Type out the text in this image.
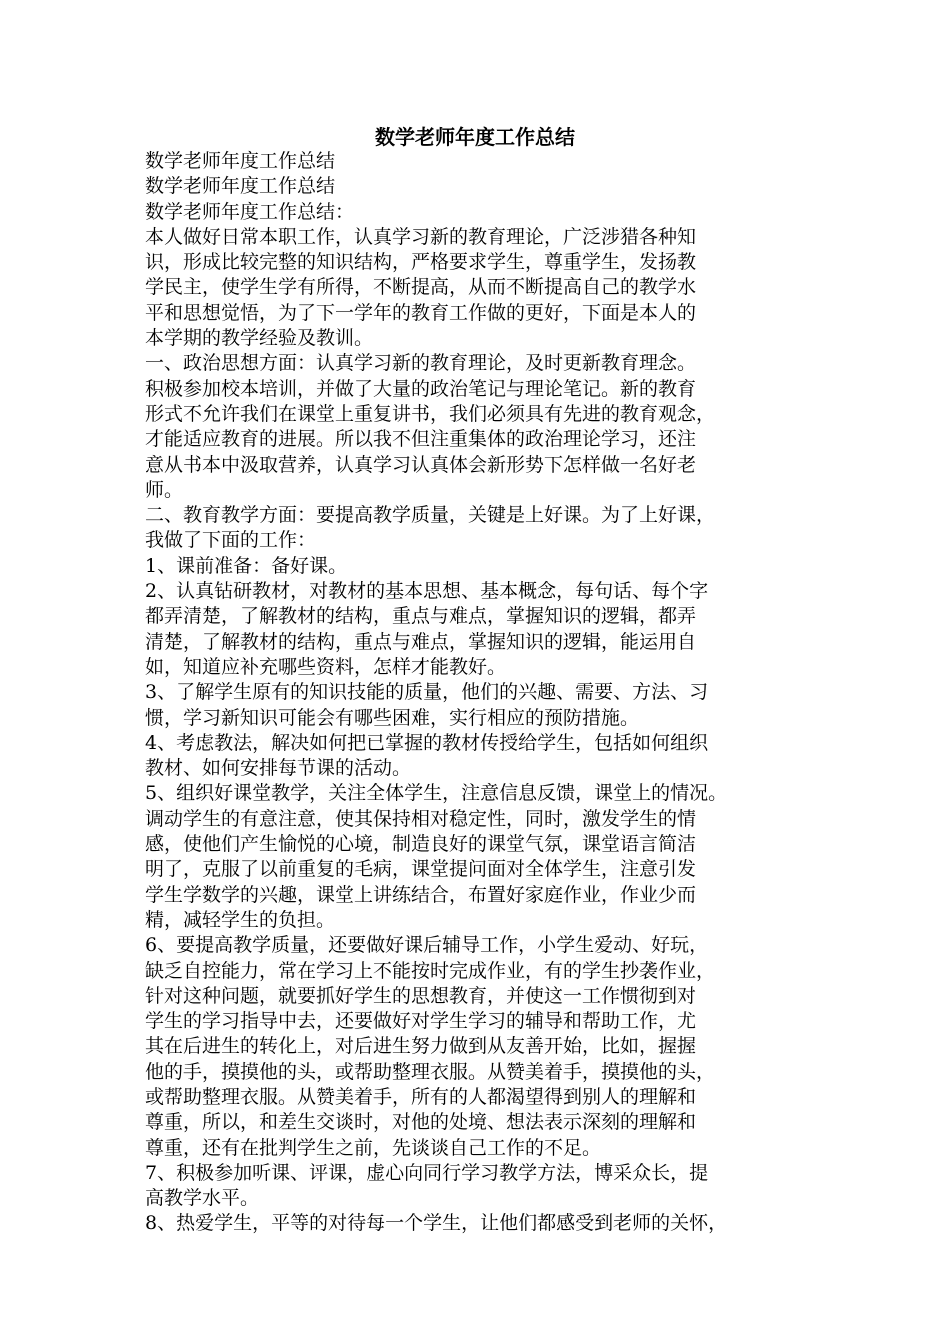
数学老师年度工作总结
数学老师年度工作总结
数学老师年度工作总结
数学老师年度工作总结：
本人做好日常本职工作，认真学习新的教育理论，广泛涉猎各种知
识，形成比较完整的知识结构，严格要求学生，尊重学生，发扬教
学民主，使学生学有所得，不断提高，从而不断提高自己的教学水
平和思想觉悟，为了下一学年的教育工作做的更好，下面是本人的
本学期的教学经验及教训。
一、政治思想方面：认真学习新的教育理论，及时更新教育理念。
积极参加校本培训，并做了大量的政治笔记与理论笔记。新的教育
形式不允许我们在课堂上重复讲书，我们必须具有先进的教育观念，
才能适应教育的进展。所以我不但注重集体的政治理论学习，还注
意从书本中汲取营养，认真学习认真体会新形势下怎样做一名好老
师。
二、教育教学方面：要提高教学质量，关键是上好课。为了上好课，
我做了下面的工作：
1、课前准备：备好课。
2、认真钻研教材，对教材的基本思想、基本概念，每句话、每个字
都弄清楚，了解教材的结构，重点与难点，掌握知识的逻辑，都弄
清楚，了解教材的结构，重点与难点，掌握知识的逻辑，能运用自
如，知道应补充哪些资料，怎样才能教好。
3、了解学生原有的知识技能的质量，他们的兴趣、需要、方法、习
惯，学习新知识可能会有哪些困难，实行相应的预防措施。
4、考虑教法，解决如何把已掌握的教材传授给学生，包括如何组织
教材、如何安排每节课的活动。
5、组织好课堂教学，关注全体学生，注意信息反馈，课堂上的情况。
调动学生的有意注意，使其保持相对稳定性，同时，激发学生的情
感，使他们产生愉悦的心境，制造良好的课堂气氛，课堂语言简洁
明了，克服了以前重复的毛病，课堂提问面对全体学生，注意引发
学生学数学的兴趣，课堂上讲练结合，布置好家庭作业，作业少而
精，减轻学生的负担。
6、要提高教学质量，还要做好课后辅导工作，小学生爱动、好玩，
缺乏自控能力，常在学习上不能按时完成作业，有的学生抄袭作业，
针对这种问题，就要抓好学生的思想教育，并使这一工作惯彻到对
学生的学习指导中去，还要做好对学生学习的辅导和帮助工作，尤
其在后进生的转化上，对后进生努力做到从友善开始，比如，握握
他的手，摸摸他的头，或帮助整理衣服。从赞美着手，摸摸他的头，
或帮助整理衣服。从赞美着手，所有的人都渴望得到别人的理解和
尊重，所以，和差生交谈时，对他的处境、想法表示深刻的理解和
尊重，还有在批判学生之前，先谈谈自己工作的不足。
7、积极参加听课、评课，虚心向同行学习教学方法，博采众长，提
高教学水平。
8、热爱学生，平等的对待每一个学生，让他们都感受到老师的关怀，
